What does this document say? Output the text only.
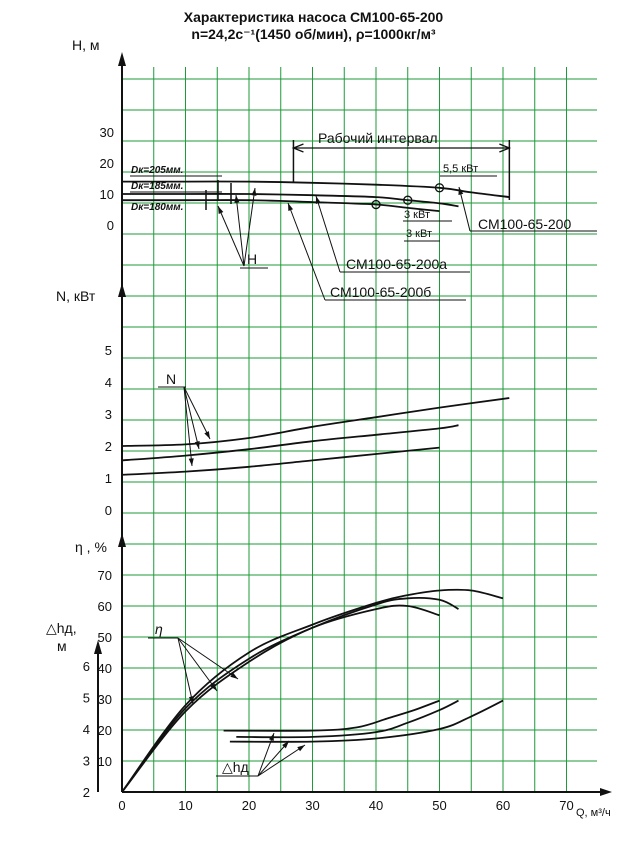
Характеристика насоса СМ100-65-200
n=24,2c⁻¹(1450 об/мин), ρ=1000кг/м³
0	10	20	30	40	50	60	70
0
10
20
30
0
1
2
3
4
5
10
20
30
40
50
60
70
2
3
4
5
6
H, м
N, кВт
η , %
△hд,
м
Q, м³/ч
Рабочий интервал
5,5 кВт
3 кВт
3 кВт
Dк=205мм.
Dк=185мм.
Dк=180мм.
H
N
η
△hд
СМ100-65-200
СМ100-65-200а
СМ100-65-200б
